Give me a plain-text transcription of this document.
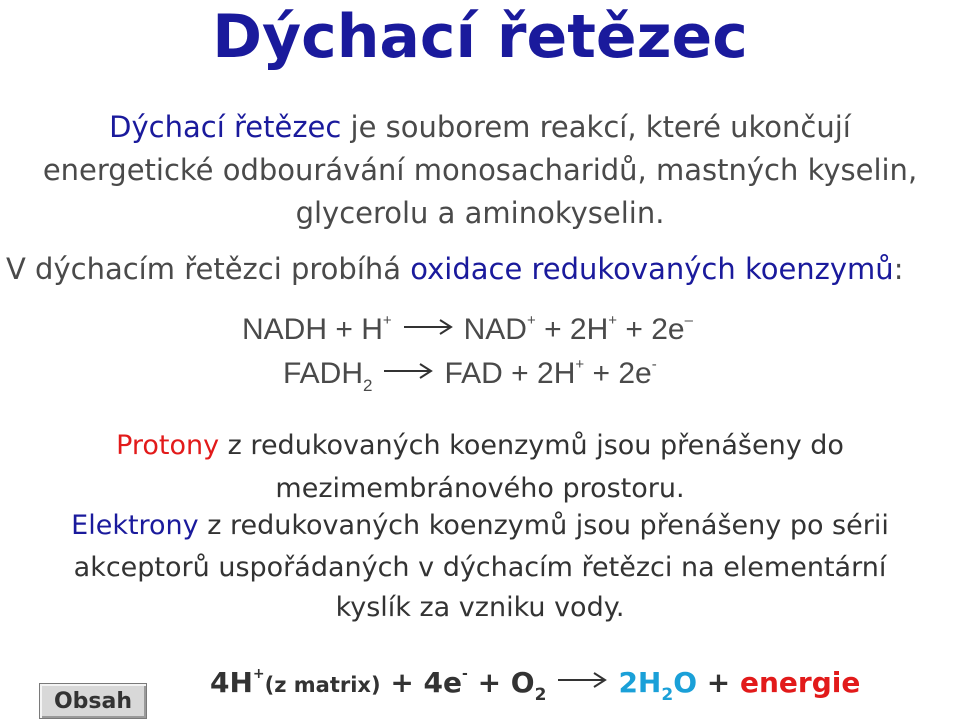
Dýchací řetězec
Dýchací řetězec je souborem reakcí, které ukončují
energetické odbourávání monosacharidů, mastných kyselin,
glycerolu a aminokyselin.
V dýchacím řetězci probíhá oxidace redukovaných koenzymů:
NADH + H+ → NAD+ + 2H+ + 2e–
$FADH_2$ → FAD + 2H+ + 2e-
Protony z redukovaných koenzymů jsou přenášeny do
mezimembránového prostoru.
Elektrony z redukovaných koenzymů jsou přenášeny po sérii
akceptorů uspořádaných v dýchacím řetězci na elementární
kyslík za vzniku vody.
Obsah
4H+(z matrix) + $4e^- + O_2 \to 2H_2O$ + energie
